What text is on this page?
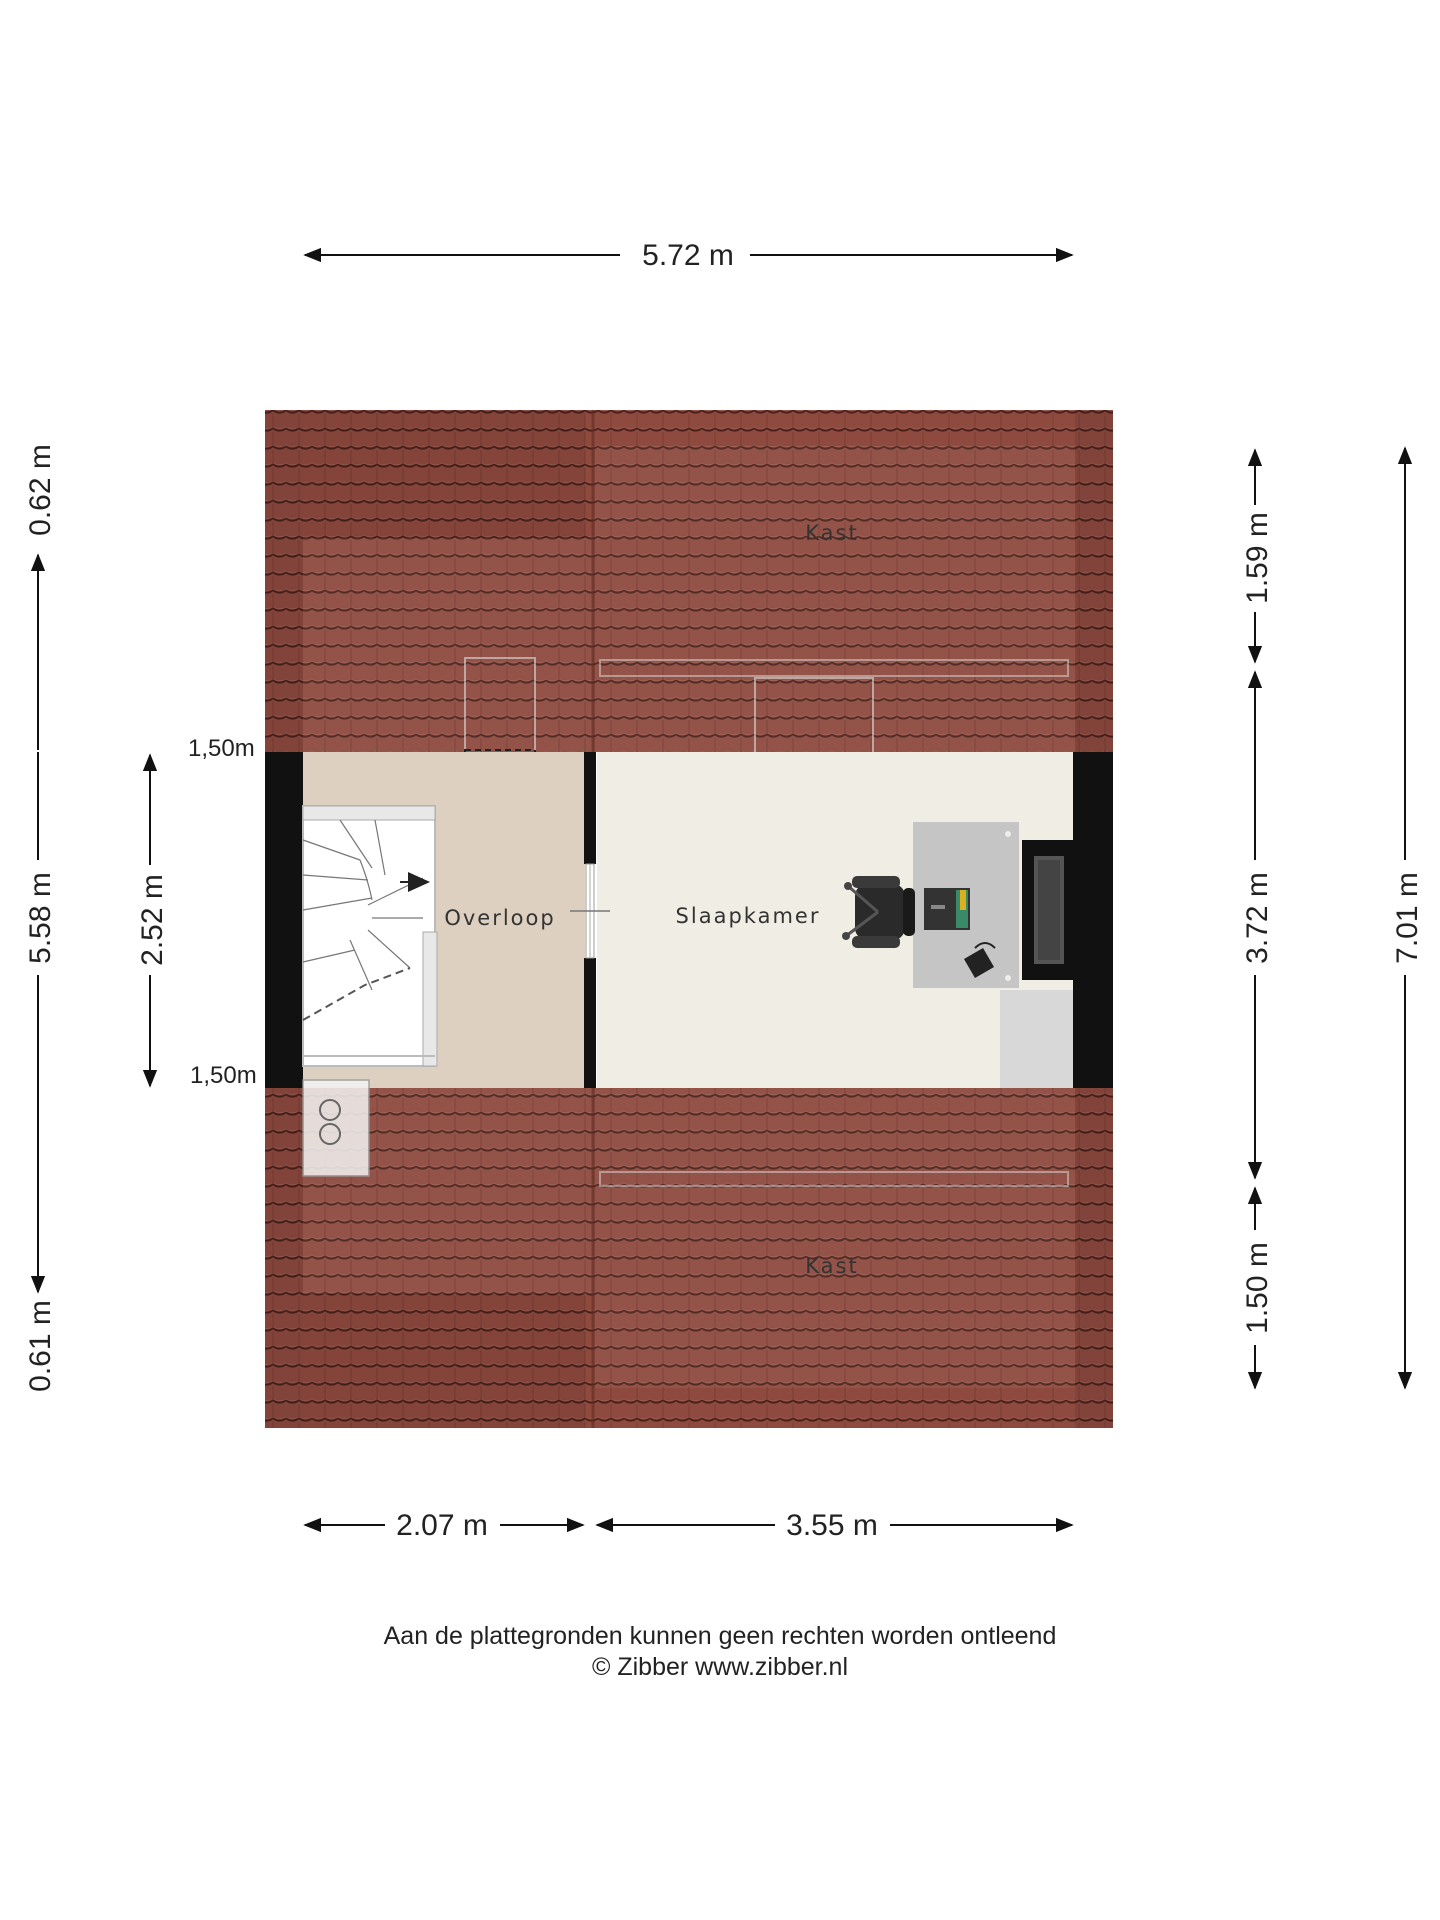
Kast
Kast
Overloop	Slaapkamer
1,50m
1,50m
5.72 m
2.07 m	3.55 m
0.62 m
5.58 m
0.61 m
2.52 m
1.59 m
3.72 m
1.50 m
7.01 m
Aan de plattegronden kunnen geen rechten worden ontleend
© Zibber www.zibber.nl
